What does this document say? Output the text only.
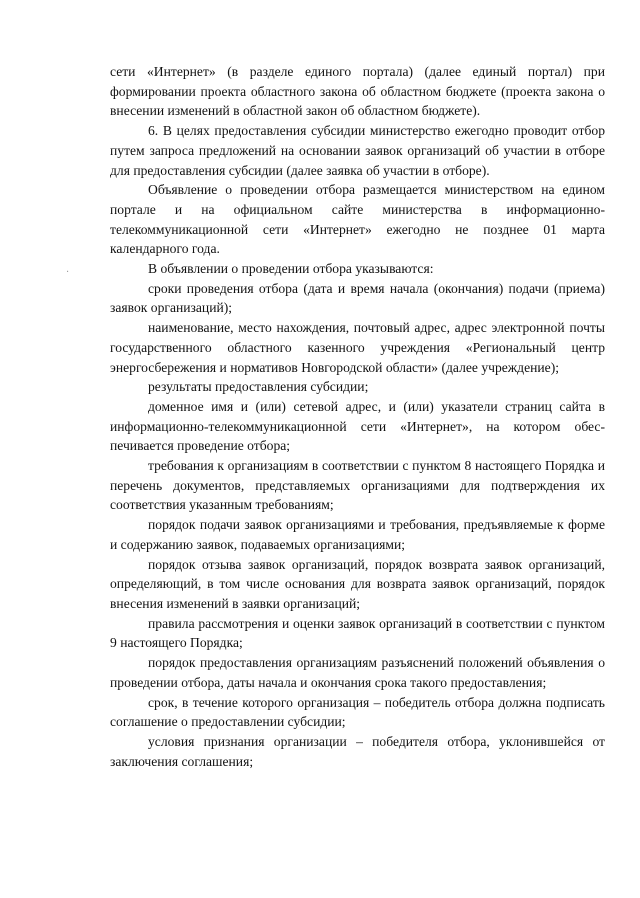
·

сети «Интернет» (в разделе единого портала) (далее единый портал) при формировании проекта областного закона об областном бюджете (проекта закона о внесении изменений в областной закон об областном бюджете).

6. В целях предоставления субсидии министерство ежегодно проводит отбор путем запроса предложений на основании заявок организаций об участии в отборе для предоставления субсидии (далее заявка об участии в отборе).

Объявление о проведении отбора размещается министерством на едином портале и на официальном сайте министерства в информационно-телекоммуникационной сети «Интернет» ежегодно не позднее 01 марта календарного года.

В объявлении о проведении отбора указываются:

сроки проведения отбора (дата и время начала (окончания) подачи (приема) заявок организаций);

наименование, место нахождения, почтовый адрес, адрес электронной почты государственного областного казенного учреждения «Региональный центр энергосбережения и нормативов Новгородской области» (далее учреждение);

результаты предоставления субсидии;

доменное имя и (или) сетевой адрес, и (или) указатели страниц сайта в информационно-телекоммуникационной сети «Интернет», на котором обеспечивается проведение отбора;

требования к организациям в соответствии с пунктом 8 настоящего Порядка и перечень документов, представляемых организациями для подтверждения их соответствия указанным требованиям;

порядок подачи заявок организациями и требования, предъявляемые к форме и содержанию заявок, подаваемых организациями;

порядок отзыва заявок организаций, порядок возврата заявок организаций, определяющий, в том числе основания для возврата заявок организаций, порядок внесения изменений в заявки организаций;

правила рассмотрения и оценки заявок организаций в соответствии с пунктом 9 настоящего Порядка;

порядок предоставления организациям разъяснений положений объявления о проведении отбора, даты начала и окончания срока такого предоставления;

срок, в течение которого организация – победитель отбора должна подписать соглашение о предоставлении субсидии;

условия признания организации – победителя отбора, уклонившейся от заключения соглашения;
